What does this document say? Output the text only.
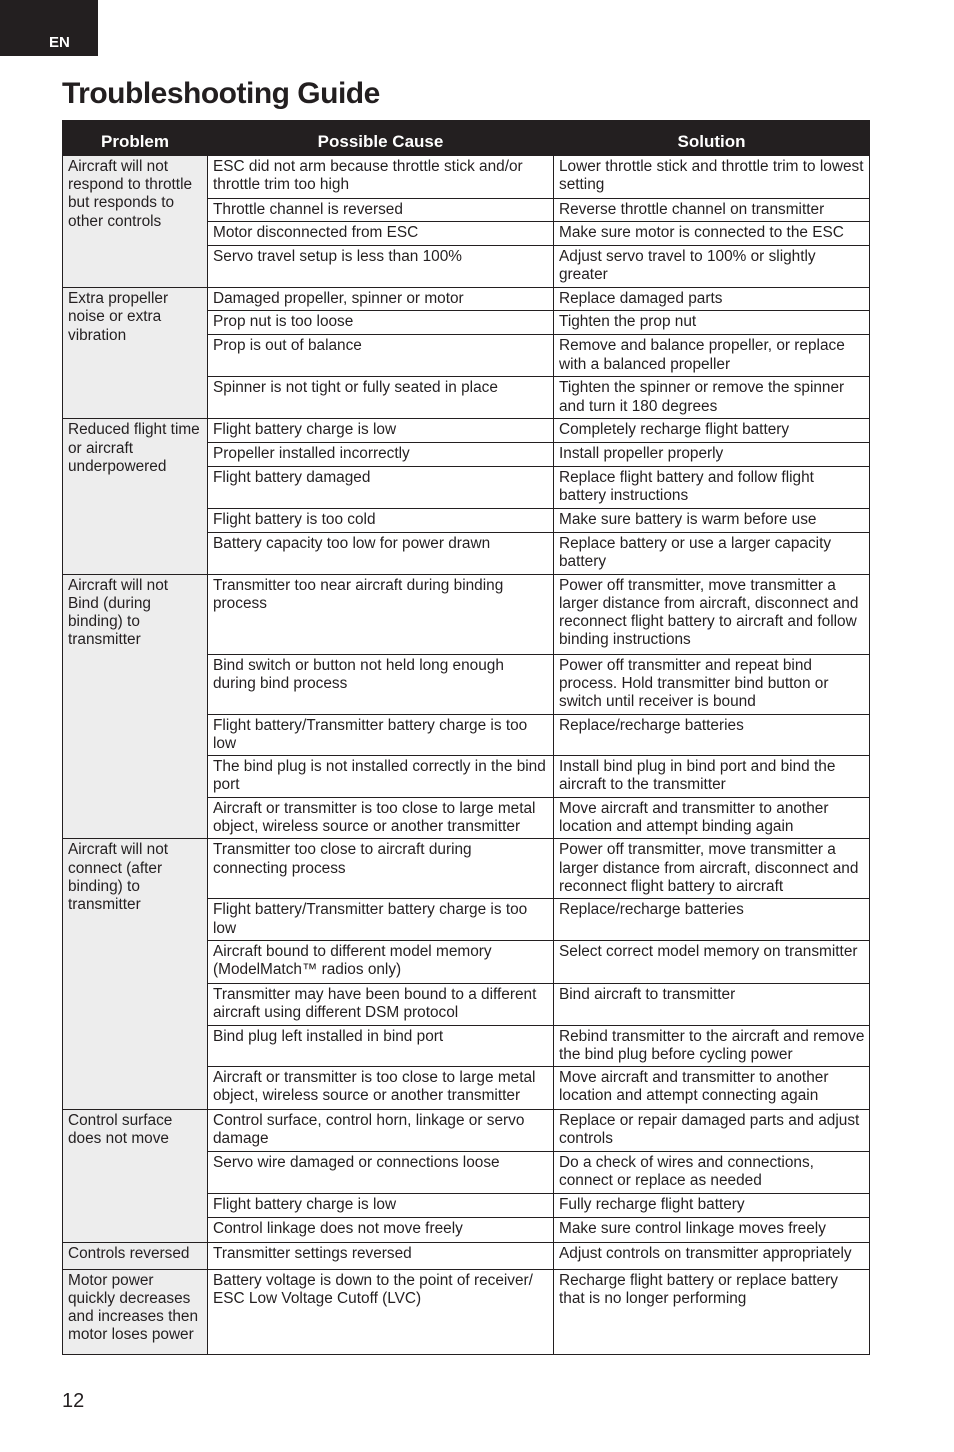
EN
Troubleshooting Guide
Problem	Possible Cause	Solution
Aircraft will not respond to throttle but responds to other controls	ESC did not arm because throttle stick and/or throttle trim too high	Lower throttle stick and throttle trim to lowest setting
	Throttle channel is reversed	Reverse throttle channel on transmitter
	Motor disconnected from ESC	Make sure motor is connected to the ESC
	Servo travel setup is less than 100%	Adjust servo travel to 100% or slightly greater
Extra propeller noise or extra vibration	Damaged propeller, spinner or motor	Replace damaged parts
	Prop nut is too loose	Tighten the prop nut
	Prop is out of balance	Remove and balance propeller, or replace with a balanced propeller
	Spinner is not tight or fully seated in place	Tighten the spinner or remove the spinner and turn it 180 degrees
Reduced flight time or aircraft underpowered	Flight battery charge is low	Completely recharge flight battery
	Propeller installed incorrectly	Install propeller properly
	Flight battery damaged	Replace flight battery and follow flight battery instructions
	Flight battery is too cold	Make sure battery is warm before use
	Battery capacity too low for power drawn	Replace battery or use a larger capacity battery
Aircraft will not Bind (during binding) to transmitter	Transmitter too near aircraft during binding process	Power off transmitter, move transmitter a larger distance from aircraft, disconnect and reconnect flight battery to aircraft and follow binding instructions
	Bind switch or button not held long enough during bind process	Power off transmitter and repeat bind process. Hold transmitter bind button or switch until receiver is bound
	Flight battery/Transmitter battery charge is too low	Replace/recharge batteries
	The bind plug is not installed correctly in the bind port	Install bind plug in bind port and bind the aircraft to the transmitter
	Aircraft or transmitter is too close to large metal object, wireless source or another transmitter	Move aircraft and transmitter to another location and attempt binding again
Aircraft will not connect (after binding) to transmitter	Transmitter too close to aircraft during connecting process	Power off transmitter, move transmitter a larger distance from aircraft, disconnect and reconnect flight battery to aircraft
	Flight battery/Transmitter battery charge is too low	Replace/recharge batteries
	Aircraft bound to different model memory (ModelMatch™ radios only)	Select correct model memory on transmitter
	Transmitter may have been bound to a different aircraft using different DSM protocol	Bind aircraft to transmitter
	Bind plug left installed in bind port	Rebind transmitter to the aircraft and remove the bind plug before cycling power
	Aircraft or transmitter is too close to large metal object, wireless source or another transmitter	Move aircraft and transmitter to another location and attempt connecting again
Control surface does not move	Control surface, control horn, linkage or servo damage	Replace or repair damaged parts and adjust controls
	Servo wire damaged or connections loose	Do a check of wires and connections, connect or replace as needed
	Flight battery charge is low	Fully recharge flight battery
	Control linkage does not move freely	Make sure control linkage moves freely
Controls reversed	Transmitter settings reversed	Adjust controls on transmitter appropriately
Motor power quickly decreases and increases then motor loses power	Battery voltage is down to the point of receiver/ ESC Low Voltage Cutoff (LVC)	Recharge flight battery or replace battery that is no longer performing
12
